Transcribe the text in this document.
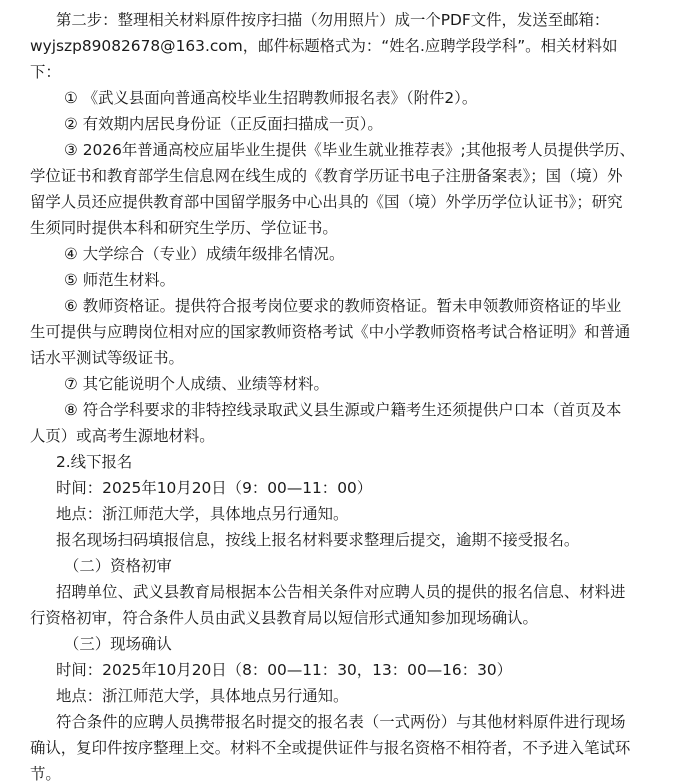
第二步：整理相关材料原件按序扫描（勿用照片）成一个PDF文件，发送至邮箱：
wyjszp89082678@163.com，邮件标题格式为：“姓名.应聘学段学科”。相关材料如
下：
① 《武义县面向普通高校毕业生招聘教师报名表》（附件2）。
② 有效期内居民身份证（正反面扫描成一页）。
③ 2026年普通高校应届毕业生提供《毕业生就业推荐表》;其他报考人员提供学历、
学位证书和教育部学生信息网在线生成的《教育学历证书电子注册备案表》；国（境）外
留学人员还应提供教育部中国留学服务中心出具的《国（境）外学历学位认证书》；研究
生须同时提供本科和研究生学历、学位证书。
④ 大学综合（专业）成绩年级排名情况。
⑤ 师范生材料。
⑥ 教师资格证。提供符合报考岗位要求的教师资格证。暂未申领教师资格证的毕业
生可提供与应聘岗位相对应的国家教师资格考试《中小学教师资格考试合格证明》和普通
话水平测试等级证书。
⑦ 其它能说明个人成绩、业绩等材料。
⑧ 符合学科要求的非特控线录取武义县生源或户籍考生还须提供户口本（首页及本
人页）或高考生源地材料。
2.线下报名
时间：2025年10月20日（9：00—11：00）
地点：浙江师范大学，具体地点另行通知。
报名现场扫码填报信息，按线上报名材料要求整理后提交，逾期不接受报名。
（二）资格初审
招聘单位、武义县教育局根据本公告相关条件对应聘人员的提供的报名信息、材料进
行资格初审，符合条件人员由武义县教育局以短信形式通知参加现场确认。
（三）现场确认
时间：2025年10月20日（8：00—11：30，13：00—16：30）
地点：浙江师范大学，具体地点另行通知。
符合条件的应聘人员携带报名时提交的报名表（一式两份）与其他材料原件进行现场
确认，复印件按序整理上交。材料不全或提供证件与报名资格不相符者，不予进入笔试环
节。
